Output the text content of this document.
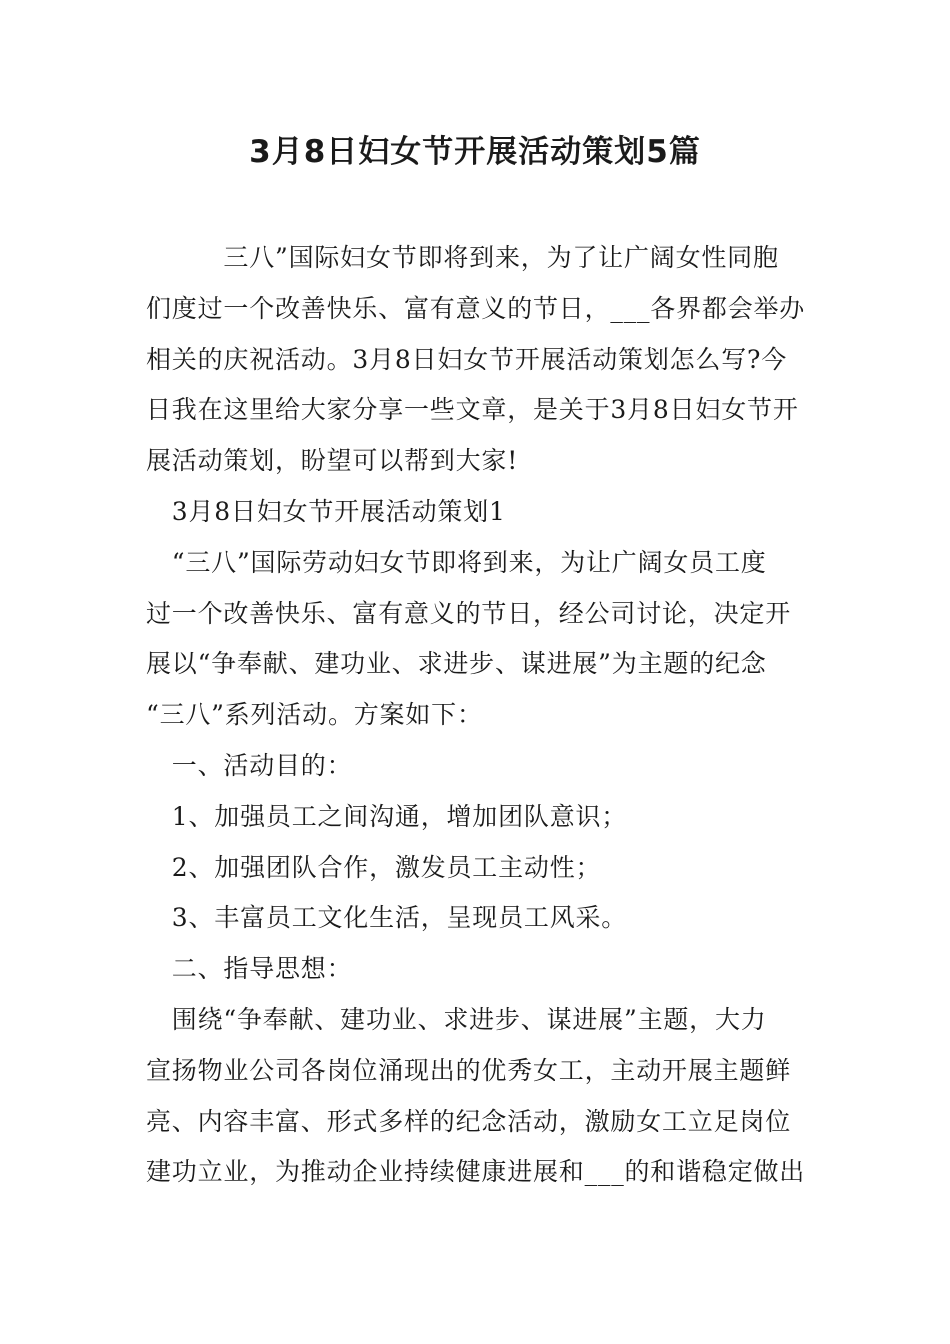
3月8日妇女节开展活动策划5篇

　　　三八”国际妇女节即将到来，为了让广阔女性同胞

们度过一个改善快乐、富有意义的节日，___各界都会举办

相关的庆祝活动。3月8日妇女节开展活动策划怎么写?今

日我在这里给大家分享一些文章，是关于3月8日妇女节开

展活动策划，盼望可以帮到大家!

　3月8日妇女节开展活动策划1

　“三八”国际劳动妇女节即将到来，为让广阔女员工度

过一个改善快乐、富有意义的节日，经公司讨论，决定开

展以“争奉献、建功业、求进步、谋进展”为主题的纪念

“三八”系列活动。方案如下：

　一、活动目的：

　1、加强员工之间沟通，增加团队意识；

　2、加强团队合作，激发员工主动性；

　3、丰富员工文化生活，呈现员工风采。

　二、指导思想：

　围绕“争奉献、建功业、求进步、谋进展”主题，大力

宣扬物业公司各岗位涌现出的优秀女工，主动开展主题鲜

亮、内容丰富、形式多样的纪念活动，激励女工立足岗位

建功立业，为推动企业持续健康进展和___的和谐稳定做出
